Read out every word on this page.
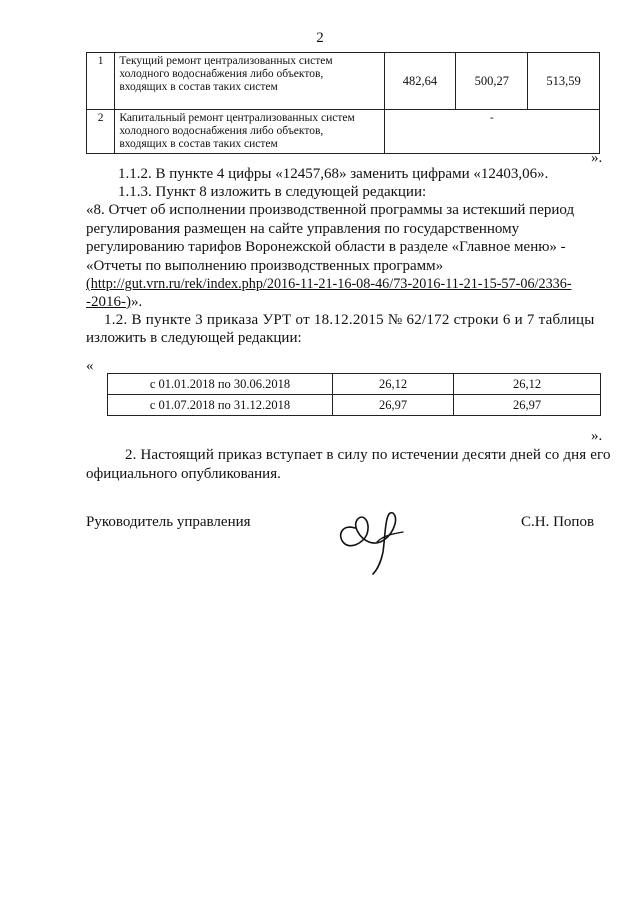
2
1	Текущий ремонт централизованных систем
холодного водоснабжения либо объектов,
входящих в состав таких систем	482,64	500,27	513,59
2	Капитальный ремонт централизованных систем
холодного водоснабжения либо объектов,
входящих в состав таких систем	-		
».
1.1.2. В пункте 4 цифры «12457,68» заменить цифрами «12403,06».
1.1.3. Пункт 8 изложить в следующей редакции:
«8. Отчет об исполнении производственной программы за истекший период
регулирования размещен на сайте управления по государственному
регулированию тарифов Воронежской области в разделе «Главное меню» -
«Отчеты по выполнению производственных программ»
(http://gut.vrn.ru/rek/index.php/2016-11-21-16-08-46/73-2016-11-21-15-57-06/2336-
-2016-)».
1.2. В пункте 3 приказа УРТ от 18.12.2015 № 62/172 строки 6 и 7 таблицы
изложить в следующей редакции:
«
с 01.01.2018 по 30.06.2018	26,12	26,12
с 01.07.2018 по 31.12.2018	26,97	26,97
».
2. Настоящий приказ вступает в силу по истечении десяти дней со дня его
официального опубликования.
Руководитель управления	С.Н. Попов
